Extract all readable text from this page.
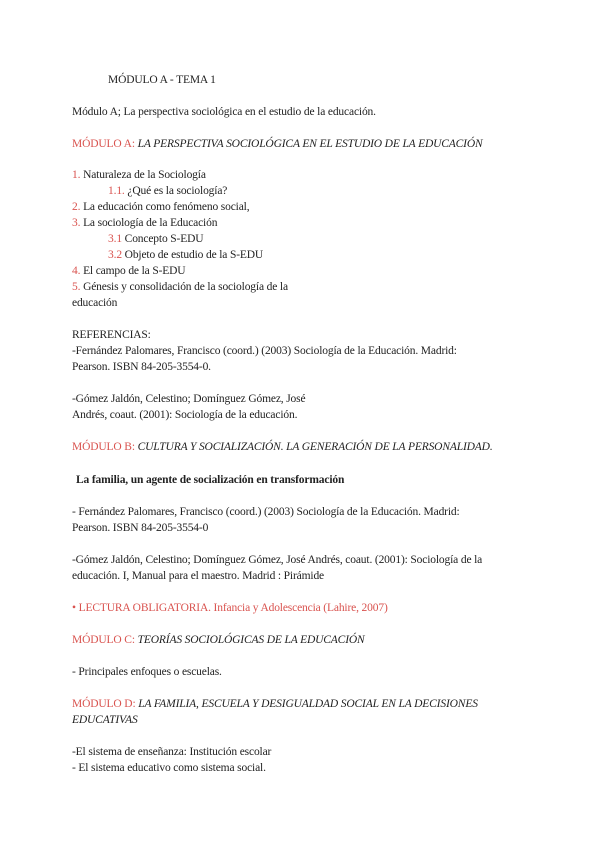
MÓDULO A - TEMA 1
Módulo A; La perspectiva sociológica en el estudio de la educación.
MÓDULO A: LA PERSPECTIVA SOCIOLÓGICA EN EL ESTUDIO DE LA EDUCACIÓN
1. Naturaleza de la Sociología
1.1. ¿Qué es la sociología?
2. La educación como fenómeno social,
3. La sociología de la Educación
3.1 Concepto S-EDU
3.2 Objeto de estudio de la S-EDU
4. El campo de la S-EDU
5. Génesis y consolidación de la sociología de la
educación
REFERENCIAS:
-Fernández Palomares, Francisco (coord.) (2003) Sociología de la Educación. Madrid:
Pearson. ISBN 84-205-3554-0.
-Gómez Jaldón, Celestino; Domínguez Gómez, José
Andrés, coaut. (2001): Sociología de la educación.
MÓDULO B: CULTURA Y SOCIALIZACIÓN. LA GENERACIÓN DE LA PERSONALIDAD.
La familia, un agente de socialización en transformación
- Fernández Palomares, Francisco (coord.) (2003) Sociología de la Educación. Madrid:
Pearson. ISBN 84-205-3554-0
-Gómez Jaldón, Celestino; Domínguez Gómez, José Andrés, coaut. (2001): Sociología de la
educación. I, Manual para el maestro. Madrid : Pirámide
• LECTURA OBLIGATORIA. Infancia y Adolescencia (Lahire, 2007)
MÓDULO C: TEORÍAS SOCIOLÓGICAS DE LA EDUCACIÓN
- Principales enfoques o escuelas.
MÓDULO D: LA FAMILIA, ESCUELA Y DESIGUALDAD SOCIAL EN LA DECISIONES
EDUCATIVAS
-El sistema de enseñanza: Institución escolar
- El sistema educativo como sistema social.
